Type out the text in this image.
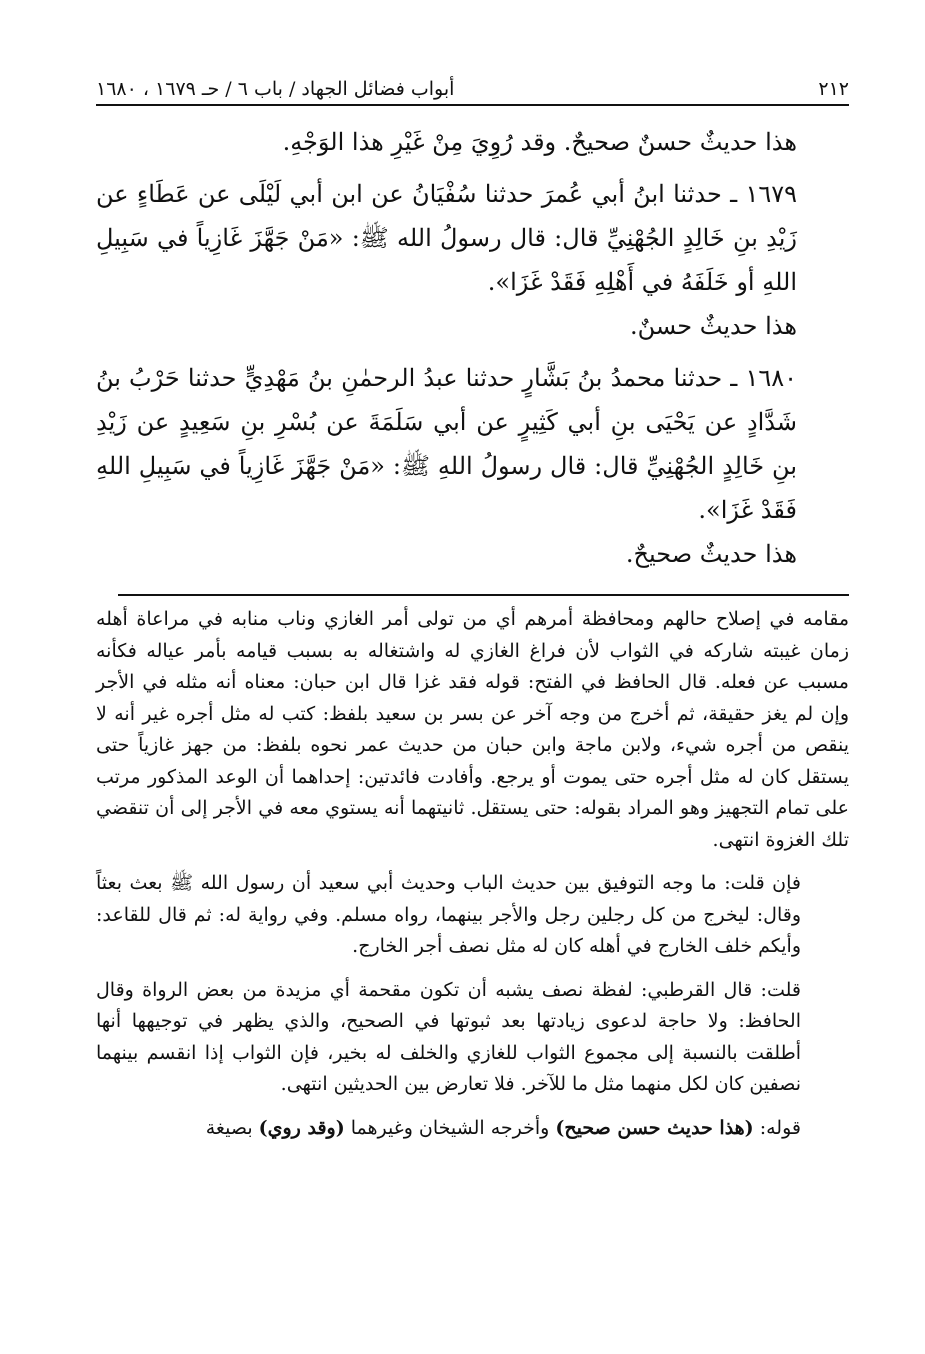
٢١٢
أبواب فضائل الجهاد / باب ٦ / حـ ١٦٧٩ ، ١٦٨٠

هذا حديثٌ حسنٌ صحيحٌ. وقد رُوِيَ مِنْ غَيْرِ هذا الوَجْهِ.

١٦٧٩ ـ حدثنا ابنُ أبي عُمرَ حدثنا سُفْيَانُ عن ابن أبي لَيْلَى عن عَطَاءٍ عن زَيْدِ بنِ خَالِدٍ الجُهْنِيِّ قال: قال رسولُ الله ﷺ: «مَنْ جَهَّزَ غَازِياً في سَبِيلِ اللهِ أو خَلَفَهُ في أَهْلِهِ فَقَدْ غَزَا».

هذا حديثٌ حسنٌ.

١٦٨٠ ـ حدثنا محمدُ بنُ بَشَّارٍ حدثنا عبدُ الرحمٰنِ بنُ مَهْدِيٍّ حدثنا حَرْبُ بنُ شَدَّادٍ عن يَحْيَى بنِ أبي كَثِيرٍ عن أبي سَلَمَةَ عن بُسْرِ بنِ سَعِيدٍ عن زَيْدِ بنِ خَالِدٍ الجُهْنِيِّ قال: قال رسولُ اللهِ ﷺ: «مَنْ جَهَّزَ غَازِياً في سَبِيلِ اللهِ فَقَدْ غَزَا».

هذا حديثٌ صحيحٌ.

مقامه في إصلاح حالهم ومحافظة أمرهم أي من تولى أمر الغازي وناب منابه في مراعاة أهله زمان غيبته شاركه في الثواب لأن فراغ الغازي له واشتغاله به بسبب قيامه بأمر عياله فكأنه مسبب عن فعله. قال الحافظ في الفتح: قوله فقد غزا قال ابن حبان: معناه أنه مثله في الأجر وإن لم يغز حقيقة، ثم أخرج من وجه آخر عن بسر بن سعيد بلفظ: كتب له مثل أجره غير أنه لا ينقص من أجره شيء، ولابن ماجة وابن حبان من حديث عمر نحوه بلفظ: من جهز غازياً حتى يستقل كان له مثل أجره حتى يموت أو يرجع. وأفادت فائدتين: إحداهما أن الوعد المذكور مرتب على تمام التجهيز وهو المراد بقوله: حتى يستقل. ثانيتهما أنه يستوي معه في الأجر إلى أن تنقضي تلك الغزوة انتهى.

فإن قلت: ما وجه التوفيق بين حديث الباب وحديث أبي سعيد أن رسول الله ﷺ بعث بعثاً وقال: ليخرج من كل رجلين رجل والأجر بينهما، رواه مسلم. وفي رواية له: ثم قال للقاعد: وأيكم خلف الخارج في أهله كان له مثل نصف أجر الخارج.

قلت: قال القرطبي: لفظة نصف يشبه أن تكون مقحمة أي مزيدة من بعض الرواة وقال الحافظ: ولا حاجة لدعوى زيادتها بعد ثبوتها في الصحيح، والذي يظهر في توجيهها أنها أطلقت بالنسبة إلى مجموع الثواب للغازي والخلف له بخير، فإن الثواب إذا انقسم بينهما نصفين كان لكل منهما مثل ما للآخر. فلا تعارض بين الحديثين انتهى.

قوله: (هذا حديث حسن صحيح) وأخرجه الشيخان وغيرهما (وقد روي) بصيغة
